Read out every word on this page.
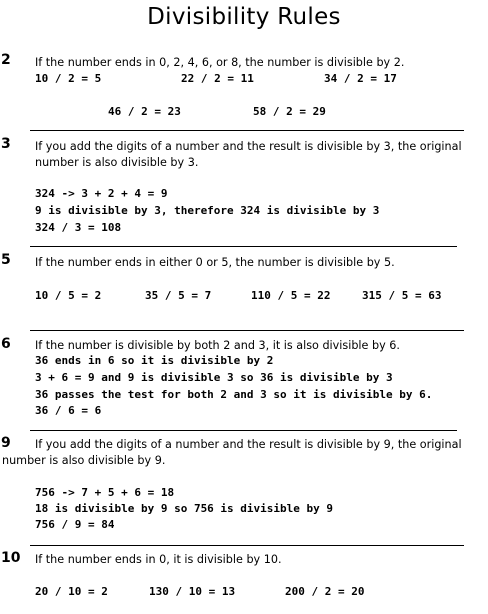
Divisibility Rules
2 If the number ends in 0, 2, 4, 6, or 8, the number is divisible by 2.
10 / 2 = 5	22 / 2 = 11	34 / 2 = 17
46 / 2 = 23	58 / 2 = 29
3 If you add the digits of a number and the result is divisible by 3, the original
number is also divisible by 3.
324 -> 3 + 2 + 4 = 9
9 is divisible by 3, therefore 324 is divisible by 3
324 / 3 = 108
5 If the number ends in either 0 or 5, the number is divisible by 5.
10 / 5 = 2	35 / 5 = 7	110 / 5 = 22	315 / 5 = 63
6 If the number is divisible by both 2 and 3, it is also divisible by 6.
36 ends in 6 so it is divisible by 2
3 + 6 = 9 and 9 is divisible 3 so 36 is divisible by 3
36 passes the test for both 2 and 3 so it is divisible by 6.
36 / 6 = 6
9 If you add the digits of a number and the result is divisible by 9, the original
number is also divisible by 9.
756 -> 7 + 5 + 6 = 18
18 is divisible by 9 so 756 is divisible by 9
756 / 9 = 84
10 If the number ends in 0, it is divisible by 10.
20 / 10 = 2	130 / 10 = 13	200 / 2 = 20
